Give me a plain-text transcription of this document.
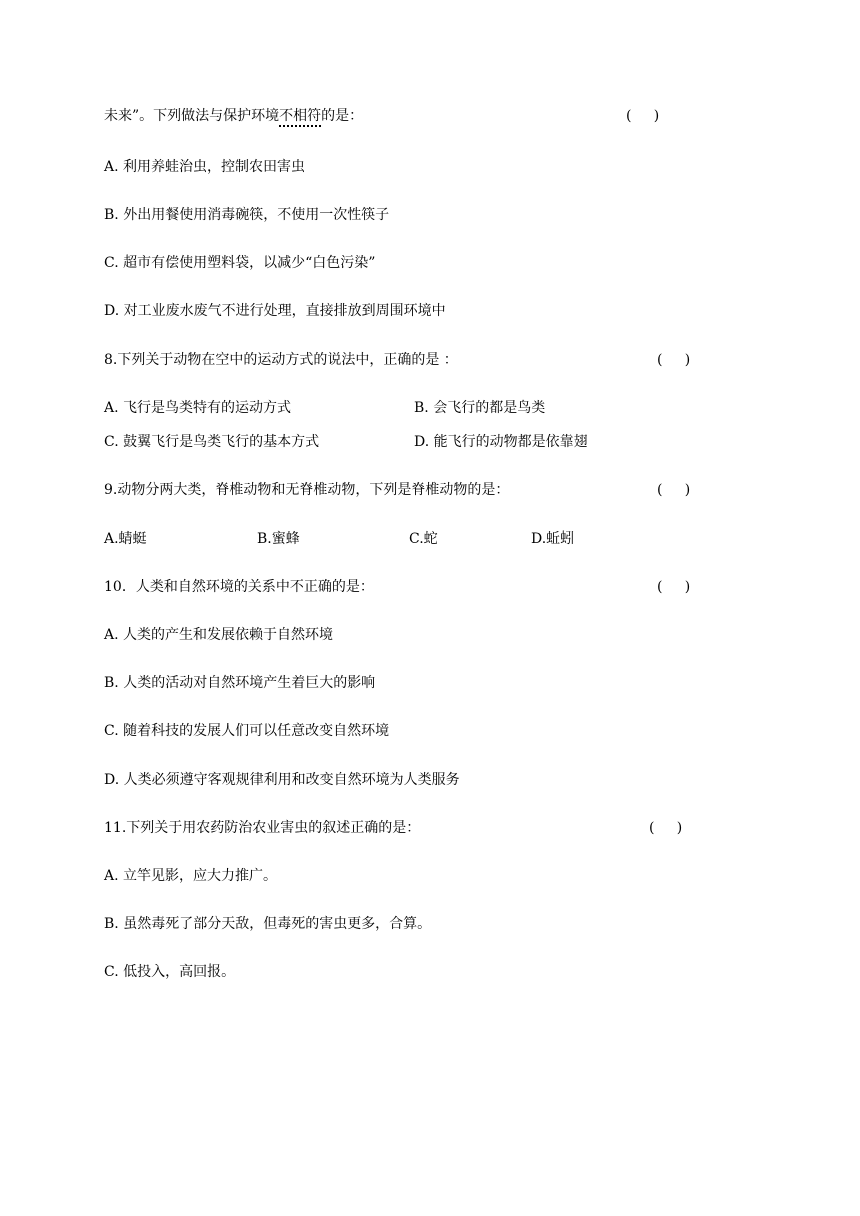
未来”。下列做法与保护环境不相符的是：	(     )
A. 利用养蛙治虫，控制农田害虫
B. 外出用餐使用消毒碗筷，不使用一次性筷子
C. 超市有偿使用塑料袋，以减少“白色污染”
D. 对工业废水废气不进行处理，直接排放到周围环境中
8.下列关于动物在空中的运动方式的说法中，正确的是 ：	(     )
A. 飞行是鸟类特有的运动方式	B. 会飞行的都是鸟类
C. 鼓翼飞行是鸟类飞行的基本方式	D. 能飞行的动物都是依靠翅
9.动物分两大类，脊椎动物和无脊椎动物，下列是脊椎动物的是：	(     )
A.蜻蜓	B.蜜蜂	C.蛇	D.蚯蚓
10．人类和自然环境的关系中不正确的是：	(     )
A. 人类的产生和发展依赖于自然环境
B. 人类的活动对自然环境产生着巨大的影响
C. 随着科技的发展人们可以任意改变自然环境
D. 人类必须遵守客观规律利用和改变自然环境为人类服务
11.下列关于用农药防治农业害虫的叙述正确的是：	(     )
A. 立竿见影，应大力推广。
B. 虽然毒死了部分天敌，但毒死的害虫更多，合算。
C. 低投入，高回报。
